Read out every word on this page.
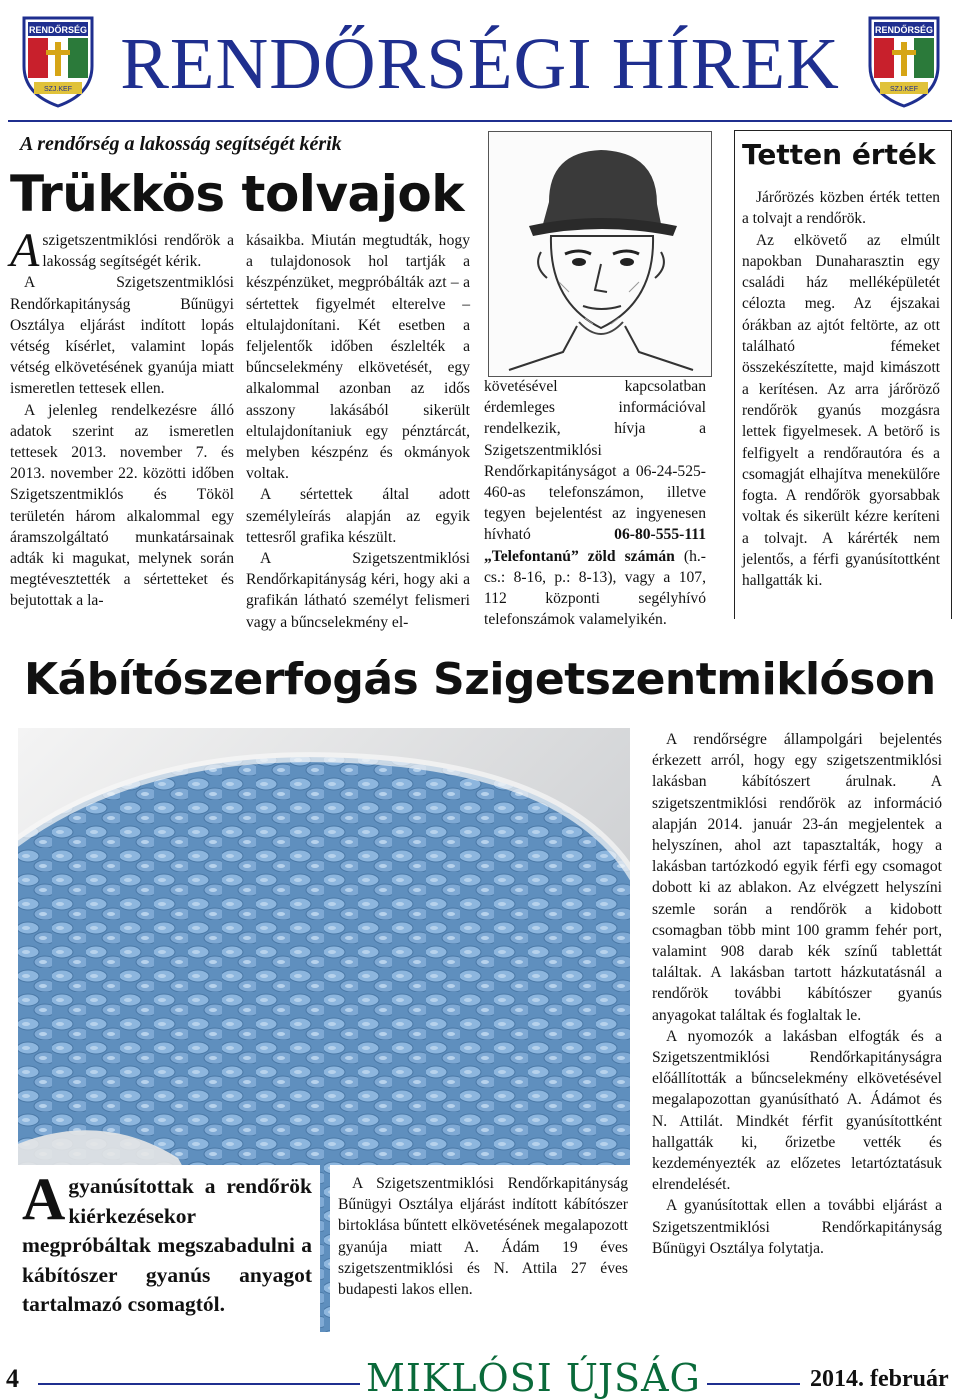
RENDŐRSÉG
SZJ.KEF RENDŐRSÉGI HÍREK	RENDŐRSÉG
SZJ.KEF
A rendőrség a lakosság segítségét kérik
Trükkös tolvajok

Aszigetszentmiklósi rendőrök a lakosság segítségét kérik.

A Szigetszentmiklósi Rendőrkapitányság Bűnügyi Osztálya eljárást indított lopás vétség kísérlet, valamint lopás vétség elkövetésének gyanúja miatt ismeretlen tettesek ellen.

A jelenleg rendelkezésre álló adatok szerint az ismeretlen tettesek 2013. november 7. és 2013. november 22. közötti időben Szigetszentmiklós és Tököl területén három alkalommal egy áramszolgáltató munkatársainak adták ki magukat, melynek során megtévesztették a sértetteket és bejutottak a la-

kásaikba. Miután megtudták, hogy a tulajdonosok hol tartják a készpénzüket, megpróbálták azt – a sértettek figyelmét elterelve – eltulajdonítani. Két esetben a feljelentők időben észlelték a bűncselekmény elkövetését, egy alkalommal azonban az idős asszony lakásából sikerült eltulajdonítaniuk egy pénztárcát, melyben készpénz és okmányok voltak.

A sértettek által adott személyleírás alapján az egyik tettesről grafika készült.

A Szigetszentmiklósi Rendőrkapitányság kéri, hogy aki a grafikán látható személyt felismeri vagy a bűncselekmény el-

követésével kapcsolatban érdemleges információval rendelkezik, hívja a Szigetszentmiklósi Rendőrkapitányságot a 06-24-525-460-as telefonszámon, illetve tegyen bejelentést az ingyenesen hívható 06-80-555-111 „Telefontanú” zöld számán (h.-cs.: 8-16, p.: 8-13), vagy a 107, 112 központi segélyhívó telefonszámok valamelyikén.

Tetten érték

Járőrözés közben érték tetten a tolvajt a rendőrök.

Az elkövető az elmúlt napokban Dunaharasztin egy családi ház melléképületét célozta meg. Az éjszakai órákban az ajtót feltörte, az ott található fémeket összekészítette, majd kimászott a kerítésen. Az arra járőröző rendőrök gyanús mozgásra lettek figyelmesek. A betörő is felfigyelt a rendőrautóra és a csomagját elhajítva menekülőre fogta. A rendőrök gyorsabbak voltak és sikerült kézre keríteni a tolvajt. A kárérték nem jelentős, a férfi gyanúsítottként hallgatták ki.

Kábítószerfogás Szigetszentmiklóson
Agyanúsítottak a rendőrök kiérkezésekor megpróbáltak megszabadulni a kábítószer gyanús anyagot tartalmazó csomagtól.

A Szigetszentmiklósi Rendőrkapitányság Bűnügyi Osztálya eljárást indított kábítószer birtoklása bűntett elkövetésének megalapozott gyanúja miatt A. Ádám 19 éves szigetszentmiklósi és N. Attila 27 éves budapesti lakos ellen.

A rendőrségre állampolgári bejelentés érkezett arról, hogy egy szigetszentmiklósi lakásban kábítószert árulnak. A szigetszentmiklósi rendőrök az információ alapján 2014. január 23-án megjelentek a helyszínen, ahol azt tapasztalták, hogy a lakásban tartózkodó egyik férfi egy csomagot dobott ki az ablakon. Az elvégzett helyszíni szemle során a rendőrök a kidobott csomagban több mint 100 gramm fehér port, valamint 908 darab kék színű tablettát találtak. A lakásban tartott házkutatásnál a rendőrök további kábítószer gyanús anyagokat találtak és foglaltak le.

A nyomozók a lakásban elfogták és a Szigetszentmiklósi Rendőrkapitányságra előállították a bűncselekmény elkövetésével megalapozottan gyanúsítható A. Ádámot és N. Attilát. Mindkét férfit gyanúsítottként hallgatták ki, őrizetbe vették és kezdeményezték az előzetes letartóztatásuk elrendelését.

A gyanúsítottak ellen a további eljárást a Szigetszentmiklósi Rendőrkapitányság Bűnügyi Osztálya folytatja.

4	MIKLÓSI ÚJSÁG	2014. február
